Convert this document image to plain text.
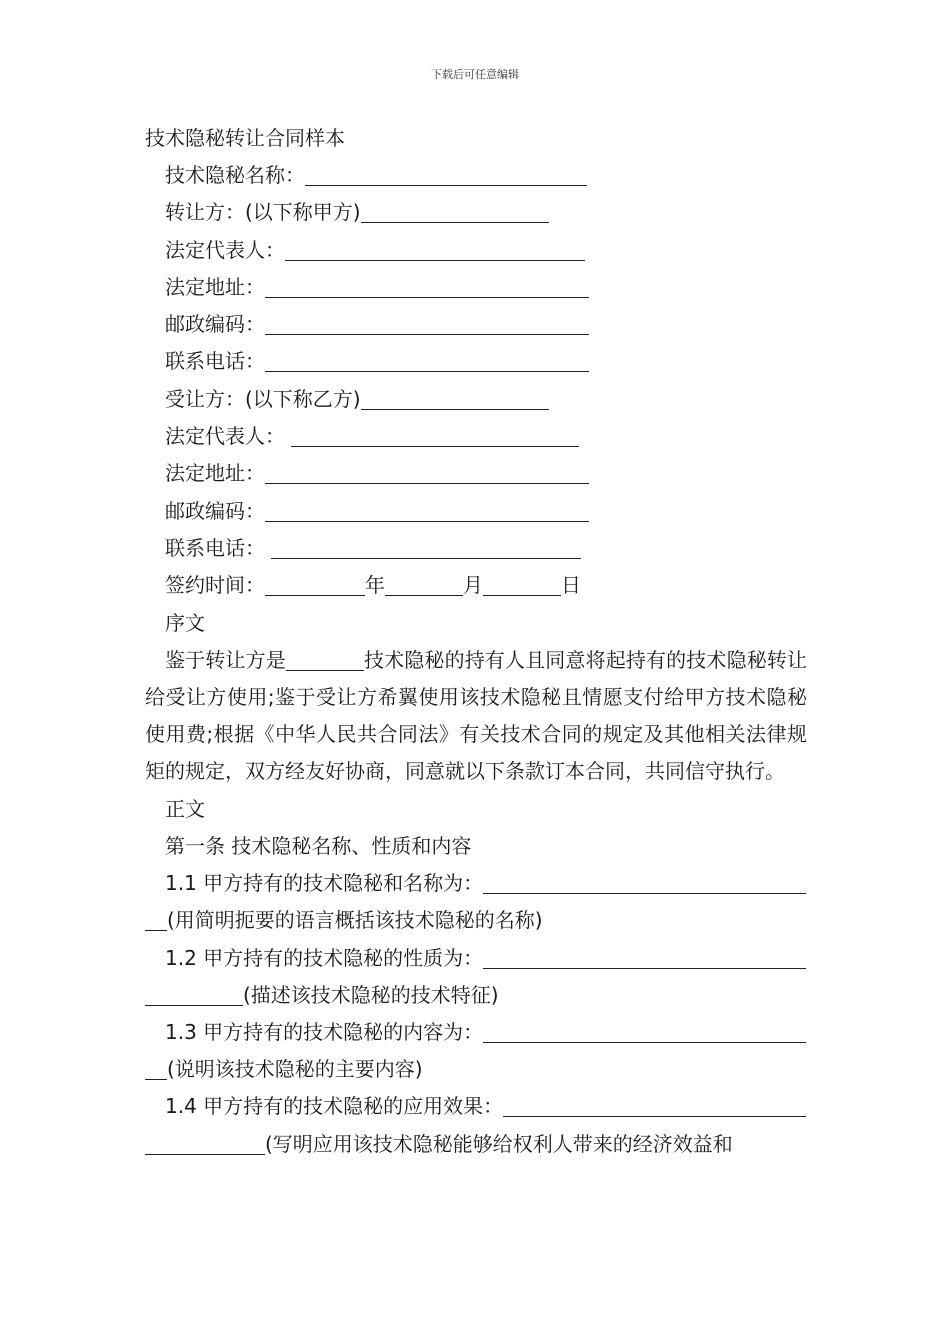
下载后可任意编辑
技术隐秘转让合同样本
技术隐秘名称：
转让方：(以下称甲方)
法定代表人：
法定地址：
邮政编码：
联系电话：
受让方：(以下称乙方)
法定代表人：
法定地址：
邮政编码：
联系电话：
签约时间：	年	月	日
序文

鉴于转让方是	技术隐秘的持有人且同意将起持有的技术隐秘转让给受让方使用;鉴于受让方希翼使用该技术隐秘且情愿支付给甲方技术隐秘使用费;根据《中华人民共合同法》有关技术合同的规定及其他相关法律规矩的规定，双方经友好协商，同意就以下条款订本合同，共同信守执行。

正文
第一条 技术隐秘名称、性质和内容
1.1 甲方持有的技术隐秘和名称为：
(用简明扼要的语言概括该技术隐秘的名称)
1.2 甲方持有的技术隐秘的性质为：
(描述该技术隐秘的技术特征)
1.3 甲方持有的技术隐秘的内容为：
(说明该技术隐秘的主要内容)
1.4 甲方持有的技术隐秘的应用效果：
(写明应用该技术隐秘能够给权利人带来的经济效益和
